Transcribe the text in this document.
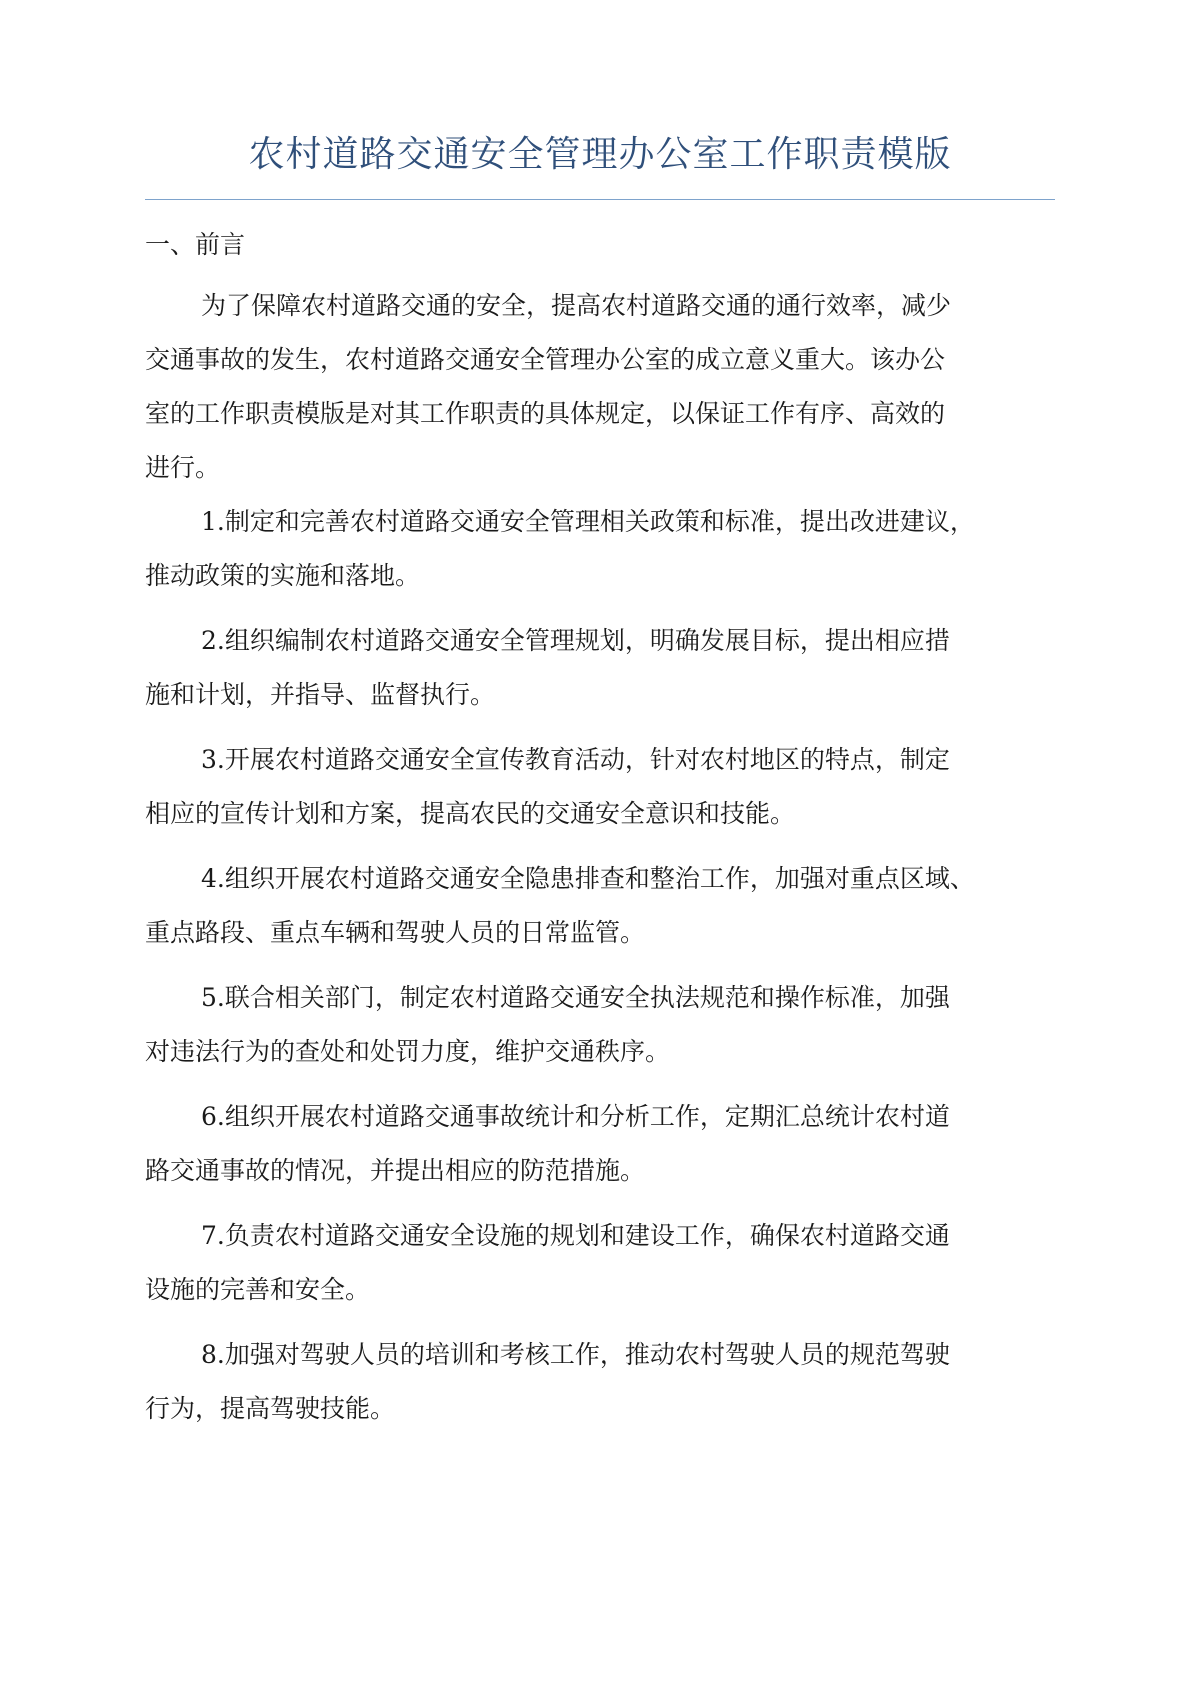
农村道路交通安全管理办公室工作职责模版
一、前言
为了保障农村道路交通的安全，提高农村道路交通的通行效率，减少
交通事故的发生，农村道路交通安全管理办公室的成立意义重大。该办公
室的工作职责模版是对其工作职责的具体规定，以保证工作有序、高效的
进行。
1.制定和完善农村道路交通安全管理相关政策和标准，提出改进建议，
推动政策的实施和落地。
2.组织编制农村道路交通安全管理规划，明确发展目标，提出相应措
施和计划，并指导、监督执行。
3.开展农村道路交通安全宣传教育活动，针对农村地区的特点，制定
相应的宣传计划和方案，提高农民的交通安全意识和技能。
4.组织开展农村道路交通安全隐患排查和整治工作，加强对重点区域、
重点路段、重点车辆和驾驶人员的日常监管。
5.联合相关部门，制定农村道路交通安全执法规范和操作标准，加强
对违法行为的查处和处罚力度，维护交通秩序。
6.组织开展农村道路交通事故统计和分析工作，定期汇总统计农村道
路交通事故的情况，并提出相应的防范措施。
7.负责农村道路交通安全设施的规划和建设工作，确保农村道路交通
设施的完善和安全。
8.加强对驾驶人员的培训和考核工作，推动农村驾驶人员的规范驾驶
行为，提高驾驶技能。
